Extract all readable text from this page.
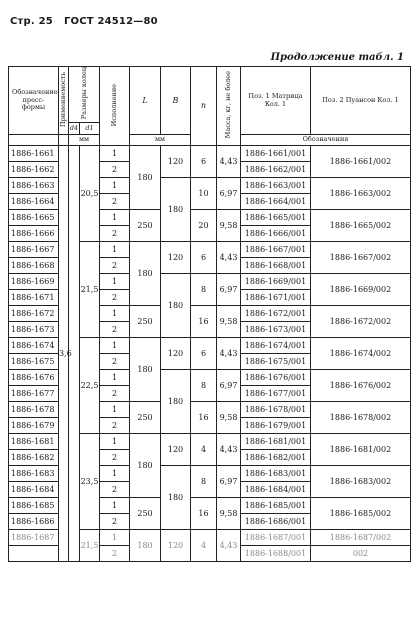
Стр. 25 ГОСТ 24512—80
Продолжение табл. 1
Обозначение пресс-формы	Применяемость	Размеры колец		Исполнение	L	B	n	Масса, кг, не более	Поз. 1 Матрица Кол. 1	Поз. 2 Пуансон Кол. 1

		d4	d1							
		мм			мм				Обозначения	
1886-1661	3,6		20,5	1	180	120	6	4,43	1886-1661/001	1886-1661/002
1886-1662				2					1886-1662/001	
1886-1663				1		180	10	6,97	1886-1663/001	1886-1663/002
1886-1664				2					1886-1664/001	
1886-1665				1	250		20	9,58	1886-1665/001	1886-1665/002
1886-1666				2					1886-1666/001	
1886-1667			21,5	1	180	120	6	4,43	1886-1667/001	1886-1667/002
1886-1668				2					1886-1668/001	
1886-1669				1		180	8	6,97	1886-1669/001	1886-1669/002
1886-1671				2					1886-1671/001	
1886-1672				1	250		16	9,58	1886-1672/001	1886-1672/002
1886-1673				2					1886-1673/001	
1886-1674			22,5	1	180	120	6	4,43	1886-1674/001	1886-1674/002
1886-1675				2					1886-1675/001	
1886-1676				1		180	8	6,97	1886-1676/001	1886-1676/002
1886-1677				2					1886-1677/001	
1886-1678				1	250		16	9,58	1886-1678/001	1886-1678/002
1886-1679				2					1886-1679/001	
1886-1681			23,5	1	180	120	4	4,43	1886-1681/001	1886-1681/002
1886-1682				2					1886-1682/001	
1886-1683				1		180	8	6,97	1886-1683/001	1886-1683/002
1886-1684				2					1886-1684/001	
1886-1685				1	250		16	9,58	1886-1685/001	1886-1685/002
1886-1686				2					1886-1686/001	
1886-1687			21,5	1	180	120	4	4,43	1886-1687/001	1886-1687/002
				2					1886-1688/001	002
